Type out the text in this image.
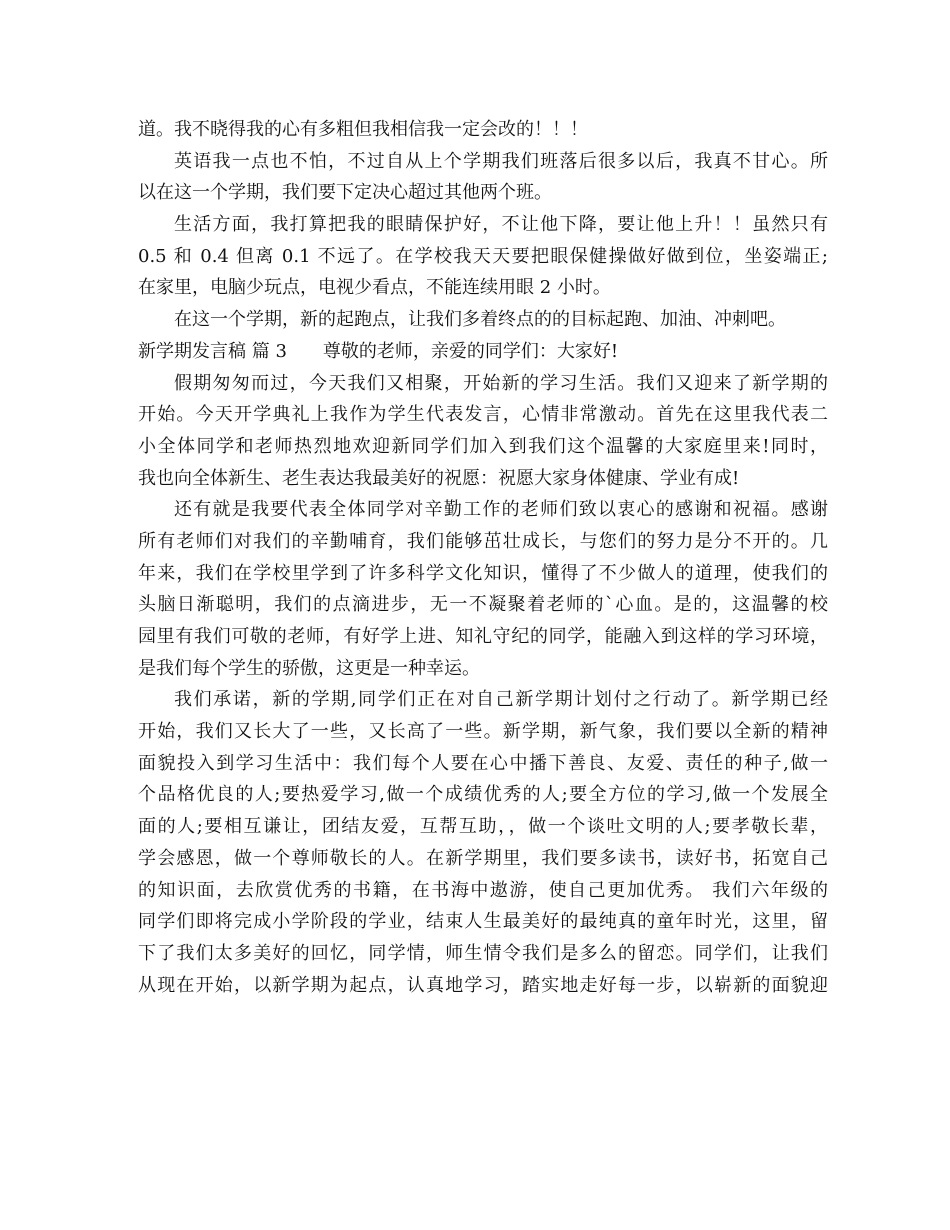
道。我不晓得我的心有多粗但我相信我一定会改的！！！
英语我一点也不怕，不过自从上个学期我们班落后很多以后，我真不甘心。所
以在这一个学期，我们要下定决心超过其他两个班。
生活方面，我打算把我的眼睛保护好，不让他下降，要让他上升！！虽然只有
0.5 和 0.4 但离 0.1 不远了。在学校我天天要把眼保健操做好做到位，坐姿端正;
在家里，电脑少玩点，电视少看点，不能连续用眼 2 小时。
在这一个学期，新的起跑点，让我们多着终点的的目标起跑、加油、冲刺吧。
新学期发言稿 篇 3　　尊敬的老师，亲爱的同学们：大家好!
假期匆匆而过，今天我们又相聚，开始新的学习生活。我们又迎来了新学期的
开始。今天开学典礼上我作为学生代表发言，心情非常激动。首先在这里我代表二
小全体同学和老师热烈地欢迎新同学们加入到我们这个温馨的大家庭里来!同时，
我也向全体新生、老生表达我最美好的祝愿：祝愿大家身体健康、学业有成!
还有就是我要代表全体同学对辛勤工作的老师们致以衷心的感谢和祝福。感谢
所有老师们对我们的辛勤哺育，我们能够茁壮成长，与您们的努力是分不开的。几
年来，我们在学校里学到了许多科学文化知识，懂得了不少做人的道理，使我们的
头脑日渐聪明，我们的点滴进步，无一不凝聚着老师的`心血。是的，这温馨的校
园里有我们可敬的老师，有好学上进、知礼守纪的同学，能融入到这样的学习环境，
是我们每个学生的骄傲，这更是一种幸运。
我们承诺，新的学期,同学们正在对自己新学期计划付之行动了。新学期已经
开始，我们又长大了一些，又长高了一些。新学期，新气象，我们要以全新的精神
面貌投入到学习生活中：我们每个人要在心中播下善良、友爱、责任的种子,做一
个品格优良的人;要热爱学习,做一个成绩优秀的人;要全方位的学习,做一个发展全
面的人;要相互谦让，团结友爱，互帮互助，，做一个谈吐文明的人;要孝敬长辈，
学会感恩，做一个尊师敬长的人。在新学期里，我们要多读书，读好书，拓宽自己
的知识面，去欣赏优秀的书籍，在书海中遨游，使自己更加优秀。 我们六年级的
同学们即将完成小学阶段的学业，结束人生最美好的最纯真的童年时光，这里，留
下了我们太多美好的回忆，同学情，师生情令我们是多么的留恋。同学们，让我们
从现在开始，以新学期为起点，认真地学习，踏实地走好每一步，以崭新的面貌迎
